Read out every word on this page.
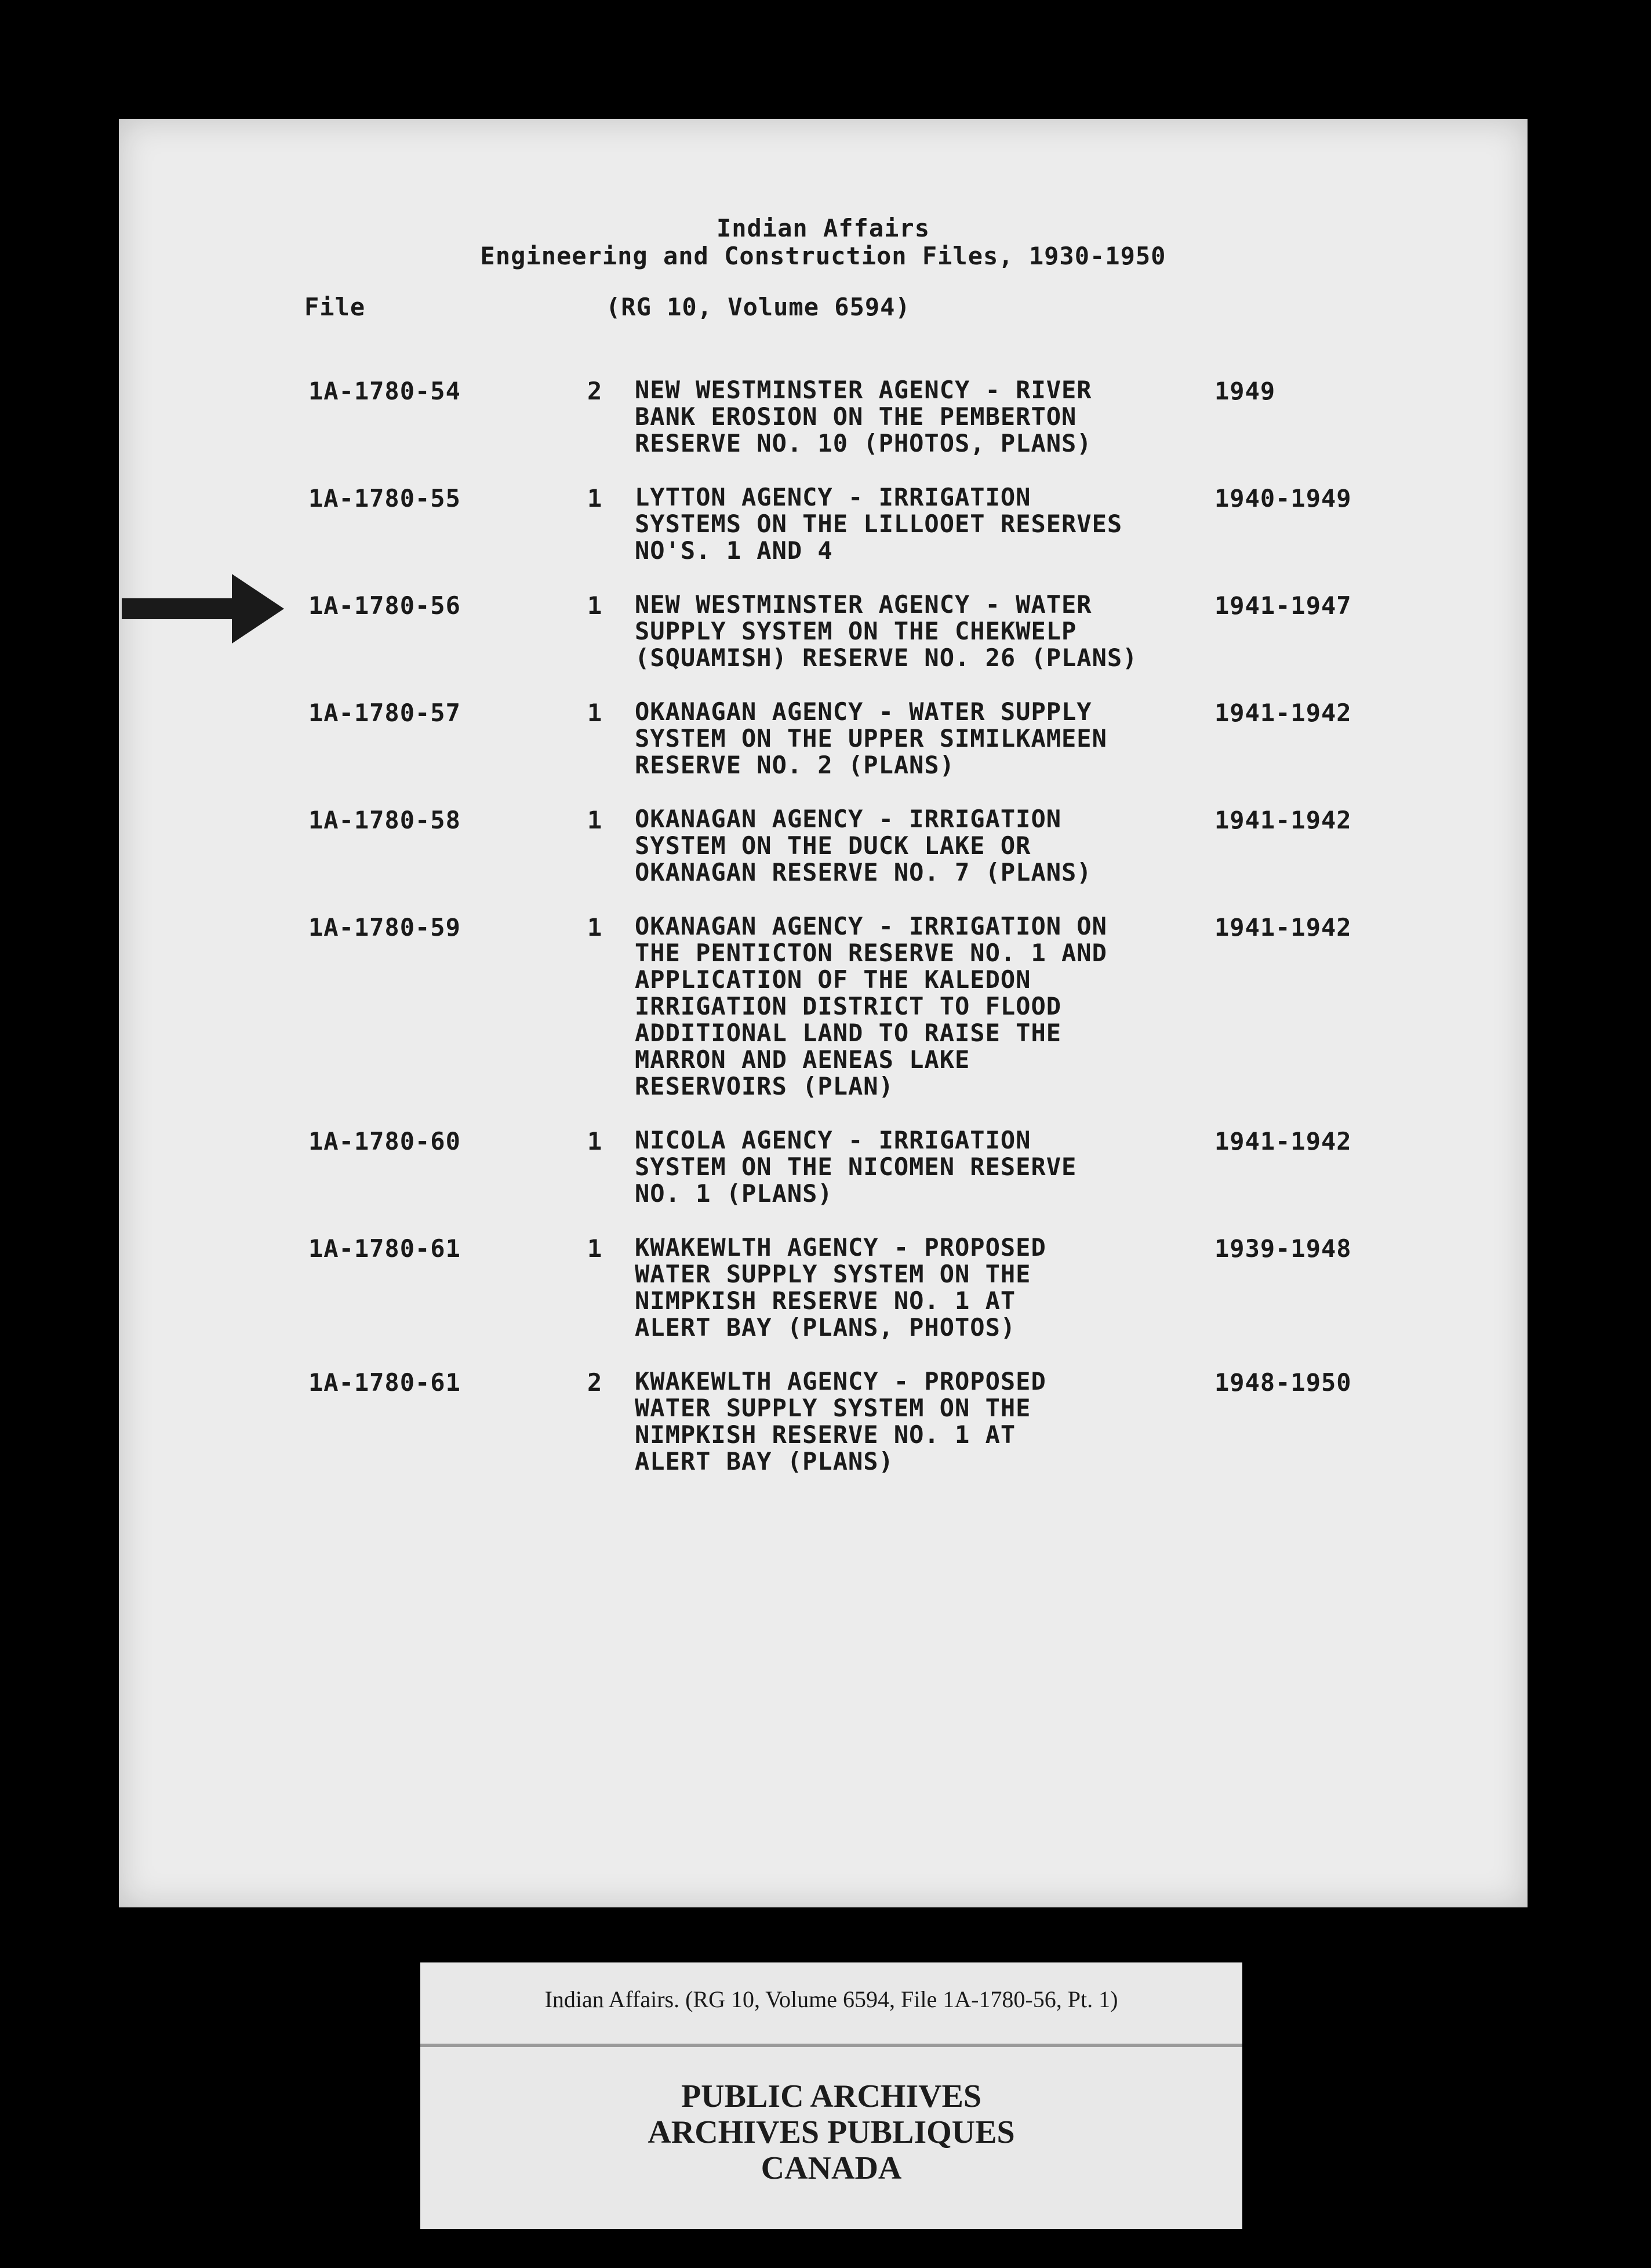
Indian Affairs
Engineering and Construction Files, 1930-1950
File	(RG 10, Volume 6594)
1A-1780-54	2 NEW WESTMINSTER AGENCY - RIVER
BANK EROSION ON THE PEMBERTON
RESERVE NO. 10 (PHOTOS, PLANS)
1949
1A-1780-55	1 LYTTON AGENCY - IRRIGATION
SYSTEMS ON THE LILLOOET RESERVES
NO'S. 1 AND 4
1940-1949
1A-1780-56	1 NEW WESTMINSTER AGENCY - WATER
SUPPLY SYSTEM ON THE CHEKWELP
(SQUAMISH) RESERVE NO. 26 (PLANS)
1941-1947
1A-1780-57	1 OKANAGAN AGENCY - WATER SUPPLY
SYSTEM ON THE UPPER SIMILKAMEEN
RESERVE NO. 2 (PLANS)
1941-1942
1A-1780-58	1 OKANAGAN AGENCY - IRRIGATION
SYSTEM ON THE DUCK LAKE OR
OKANAGAN RESERVE NO. 7 (PLANS)
1941-1942
1A-1780-59	1 OKANAGAN AGENCY - IRRIGATION ON
THE PENTICTON RESERVE NO. 1 AND
APPLICATION OF THE KALEDON
IRRIGATION DISTRICT TO FLOOD
ADDITIONAL LAND TO RAISE THE
MARRON AND AENEAS LAKE
RESERVOIRS (PLAN)
1941-1942
1A-1780-60	1 NICOLA AGENCY - IRRIGATION
SYSTEM ON THE NICOMEN RESERVE
NO. 1 (PLANS)
1941-1942
1A-1780-61	1 KWAKEWLTH AGENCY - PROPOSED
WATER SUPPLY SYSTEM ON THE
NIMPKISH RESERVE NO. 1 AT
ALERT BAY (PLANS, PHOTOS)
1939-1948
1A-1780-61	2 KWAKEWLTH AGENCY - PROPOSED
WATER SUPPLY SYSTEM ON THE
NIMPKISH RESERVE NO. 1 AT
ALERT BAY (PLANS)
1948-1950
Indian Affairs. (RG 10, Volume 6594, File 1A-1780-56, Pt. 1)
PUBLIC ARCHIVES
ARCHIVES PUBLIQUES
CANADA
